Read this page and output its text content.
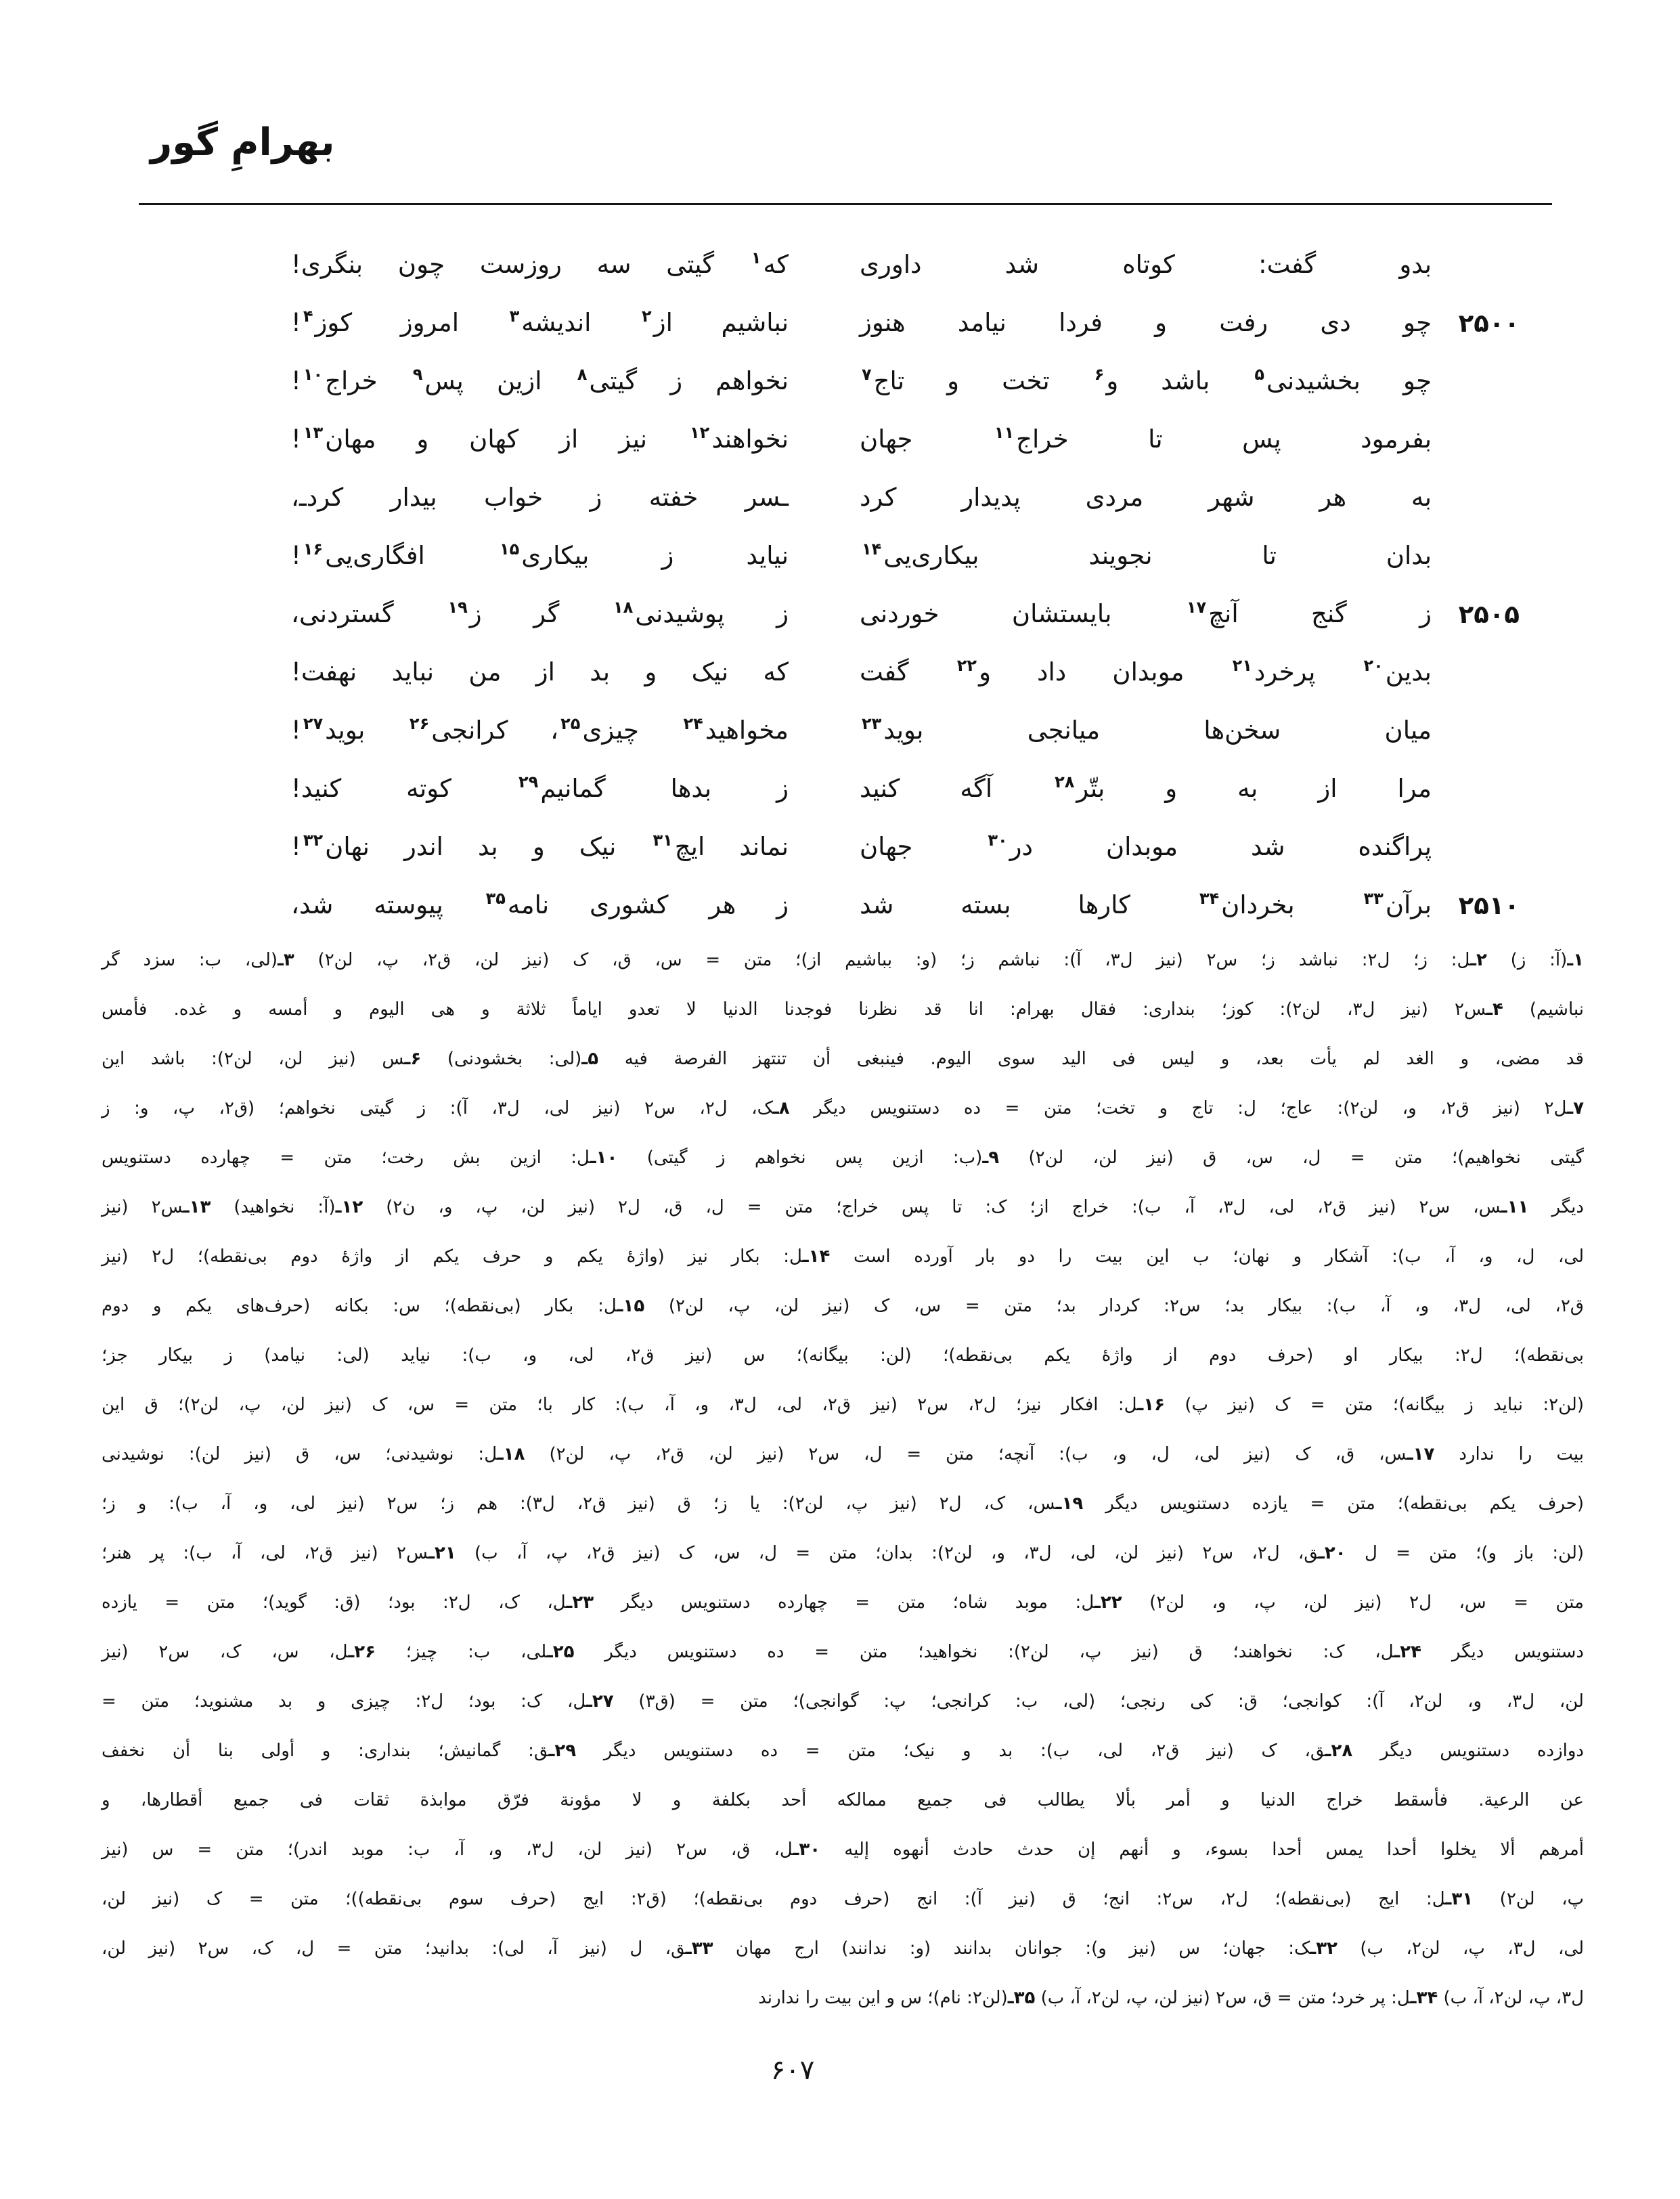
بهرامِ گور
بدو گفت: کوتاه شد داوری
که$^۱$ گیتی سه روزست چون بنگری!
۲۵۰۰
چو دی رفت و فردا نیامد هنوز
نباشیم از$^۲$ اندیشه$^۳$ امروز کوز$^۴$!
چو بخشیدنی$^۵$ باشد و$^۶$ تخت و تاج$^۷$
نخواهم ز گیتی$^۸$ ازین پس$^۹$ خراج$^{۱۰}$!
بفرمود پس تا خراج$^{۱۱}$ جهان
نخواهند$^{۱۲}$ نیز از کهان و مهان$^{۱۳}$!
به هر شهر مردی پدیدار کرد
ـسر خفته ز خواب بیدار کردـ،
بدان تا نجویند بیکاری‌یی$^{۱۴}$
نیاید ز بیکاری$^{۱۵}$ افگاری‌یی$^{۱۶}$!
۲۵۰۵
ز گنج آنچ$^{۱۷}$ بایستشان خوردنی
ز پوشیدنی$^{۱۸}$ گر ز$^{۱۹}$ گستردنی،
بدین$^{۲۰}$ پرخرد$^{۲۱}$ موبدان داد و$^{۲۲}$ گفت
که نیک و بد از من نباید نهفت!
میان سخن‌ها میانجی بوید$^{۲۳}$
مخواهید$^{۲۴}$ چیزی$^{۲۵}$، کرانجی$^{۲۶}$ بوید$^{۲۷}$!
مرا از به و بتّر$^{۲۸}$ آگه کنید
ز بدها گمانیم$^{۲۹}$ کوته کنید!
پراگنده شد موبدان در$^{۳۰}$ جهان
نماند ایچ$^{۳۱}$ نیک و بد اندر نهان$^{۳۲}$!
۲۵۱۰
برآن$^{۳۳}$ بخردان$^{۳۴}$ کارها بسته شد
ز هر کشوری نامه$^{۳۵}$ پیوسته شد،
۱ـ(آ: ز) ۲ـل: ز؛ ل۲: نباشد ز؛ س۲ (نیز ل۳، آ): نباشم ز؛ (و: بباشیم از)؛ متن = س، ق، ک (نیز لن، ق۲، پ، لن۲) ۳ـ(لی، ب: سزد گر
نباشیم) ۴ـس۲ (نیز ل۳، لن۲): کوز؛ بنداری: فقال بهرام: انا قد نظرنا فوجدنا الدنیا لا تعدو ایاماً ثلاثة و هی الیوم و أمسه و غده. فأمس
قد مضی، و الغد لم یأت بعد، و لیس فی الید سوی الیوم. فینبغی أن تنتهز الفرصة فیه ۵ـ(لی: بخشودنی) ۶ـس (نیز لن، لن۲): باشد این
۷ـل۲ (نیز ق۲، و، لن۲): عاج؛ ل: تاج و تخت؛ متن = ده دستنویس دیگر ۸ـک، ل۲، س۲ (نیز لی، ل۳، آ): ز گیتی نخواهم؛ (ق۲، پ، و: ز
گیتی نخواهیم)؛ متن = ل، س، ق (نیز لن، لن۲) ۹ـ(ب: ازین پس نخواهم ز گیتی) ۱۰ـل: ازین بش رخت؛ متن = چهارده دستنویس
دیگر ۱۱ـس، س۲ (نیز ق۲، لی، ل۳، آ، ب): خراج از؛ ک: تا پس خراج؛ متن = ل، ق، ل۲ (نیز لن، پ، و، ن۲) ۱۲ـ(آ: نخواهید) ۱۳ـس۲ (نیز
لی، ل، و، آ، ب): آشکار و نهان؛ ب این بیت را دو بار آورده است ۱۴ـل: بکار نیز (واژهٔ یکم و حرف یکم از واژهٔ دوم بی‌نقطه)؛ ل۲ (نیز
ق۲، لی، ل۳، و، آ، ب): بیکار بد؛ س۲: کردار بد؛ متن = س، ک (نیز لن، پ، لن۲) ۱۵ـل: بکار (بی‌نقطه)؛ س: بکانه (حرف‌های یکم و دوم
بی‌نقطه)؛ ل۲: بیکار او (حرف دوم از واژهٔ یکم بی‌نقطه)؛ (لن: بیگانه)؛ س (نیز ق۲، لی، و، ب): نیاید (لی: نیامد) ز بیکار جز؛
(لن۲: نباید ز بیگانه)؛ متن = ک (نیز پ) ۱۶ـل: افکار نیز؛ ل۲، س۲ (نیز ق۲، لی، ل۳، و، آ، ب): کار با؛ متن = س، ک (نیز لن، پ، لن۲)؛ ق این
بیت را ندارد ۱۷ـس، ق، ک (نیز لی، ل، و، ب): آنچه؛ متن = ل، س۲ (نیز لن، ق۲، پ، لن۲) ۱۸ـل: نوشیدنی؛ س، ق (نیز لن): نوشیدنی
(حرف یکم بی‌نقطه)؛ متن = یازده دستنویس دیگر ۱۹ـس، ک، ل۲ (نیز پ، لن۲): یا ز؛ ق (نیز ق۲، ل۳): هم ز؛ س۲ (نیز لی، و، آ، ب): و ز؛
(لن: باز و)؛ متن = ل ۲۰ـق، ل۲، س۲ (نیز لن، لی، ل۳، و، لن۲): بدان؛ متن = ل، س، ک (نیز ق۲، پ، آ، ب) ۲۱ـس۲ (نیز ق۲، لی، آ، ب): پر هنر؛
متن = س، ل۲ (نیز لن، پ، و، لن۲) ۲۲ـل: موبد شاه؛ متن = چهارده دستنویس دیگر ۲۳ـل، ک، ل۲: بود؛ (ق: گوید)؛ متن = یازده
دستنویس دیگر ۲۴ـل، ک: نخواهند؛ ق (نیز پ، لن۲): نخواهید؛ متن = ده دستنویس دیگر ۲۵ـلی، ب: چیز؛ ۲۶ـل، س، ک، س۲ (نیز
لن، ل۳، و، لن۲، آ): کوانجی؛ ق: کی رنجی؛ (لی، ب: کرانجی؛ پ: گوانجی)؛ متن = (ق۳) ۲۷ـل، ک: بود؛ ل۲: چیزی و بد مشنوید؛ متن =
دوازده دستنویس دیگر ۲۸ـق، ک (نیز ق۲، لی، ب): بد و نیک؛ متن = ده دستنویس دیگر ۲۹ـق: گمانیش؛ بنداری: و أولی بنا أن نخفف
عن الرعیة. فأسقط خراج الدنیا و أمر بألا یطالب فی جمیع ممالکه أحد بکلفة و لا مؤونة فرّق موابذة ثقات فی جمیع أقطارها، و
أمرهم ألا یخلوا أحدا یمس أحدا بسوء، و أنهم إن حدث حادث أنهوه إلیه ۳۰ـل، ق، س۲ (نیز لن، ل۳، و، آ، ب: موبد اندر)؛ متن = س (نیز
پ، لن۲) ۳۱ـل: ایج (بی‌نقطه)؛ ل۲، س۲: انج؛ ق (نیز آ): انج (حرف دوم بی‌نقطه)؛ (ق۲: ایج (حرف سوم بی‌نقطه))؛ متن = ک (نیز لن،
لی، ل۳، پ، لن۲، ب) ۳۲ـک: جهان؛ س (نیز و): جوانان بدانند (و: ندانند) ارج مهان ۳۳ـق، ل (نیز آ، لی): بدانید؛ متن = ل، ک، س۲ (نیز لن،
ل۳، پ، لن۲، آ، ب) ۳۴ـل: پر خرد؛ متن = ق، س۲ (نیز لن، پ، لن۲، آ، ب) ۳۵ـ(لن۲: نام)؛ س و این بیت را ندارند
۶۰۷
